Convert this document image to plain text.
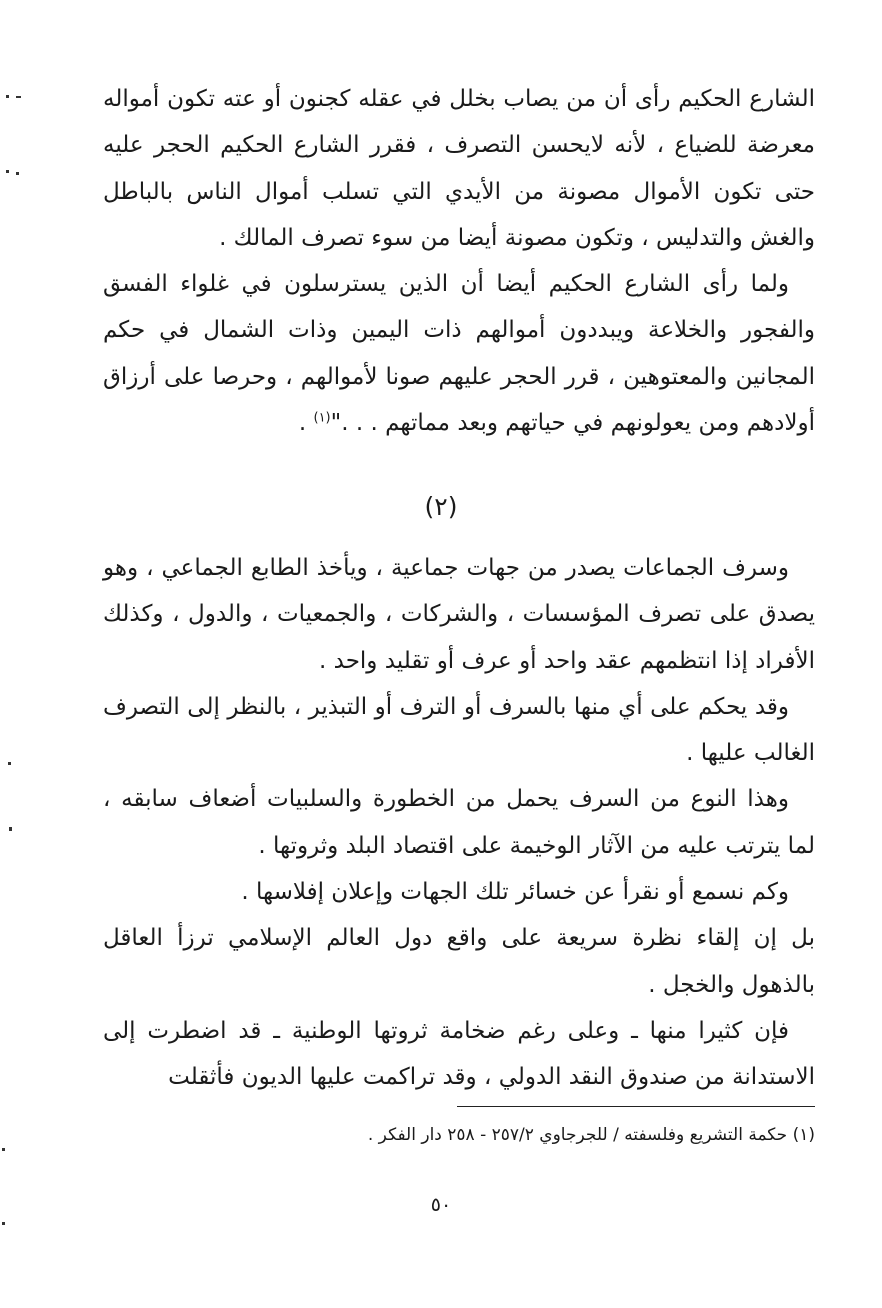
الشارع الحكيم رأى أن من يصاب بخلل في عقله كجنون أو عته تكون أمواله معرضة للضياع ، لأنه لايحسن التصرف ، فقرر الشارع الحكيم الحجر عليه حتى تكون الأموال مصونة من الأيدي التي تسلب أموال الناس بالباطل والغش والتدليس ، وتكون مصونة أيضا من سوء تصرف المالك .

ولما رأى الشارع الحكيم أيضا أن الذين يسترسلون في غلواء الفسق والفجور والخلاعة ويبددون أموالهم ذات اليمين وذات الشمال في حكم المجانين والمعتوهين ، قرر الحجر عليهم صونا لأموالهم ، وحرصا على أرزاق أولادهم ومن يعولونهم في حياتهم وبعد مماتهم . . ."$^{(١)}$ .

(٢)

وسرف الجماعات يصدر من جهات جماعية ، ويأخذ الطابع الجماعي ، وهو يصدق على تصرف المؤسسات ، والشركات ، والجمعيات ، والدول ، وكذلك الأفراد إذا انتظمهم عقد واحد أو عرف أو تقليد واحد .

وقد يحكم على أي منها بالسرف أو الترف أو التبذير ، بالنظر إلى التصرف الغالب عليها .

وهذا النوع من السرف يحمل من الخطورة والسلبيات أضعاف سابقه ، لما يترتب عليه من الآثار الوخيمة على اقتصاد البلد وثروتها .

وكم نسمع أو نقرأ عن خسائر تلك الجهات وإعلان إفلاسها .

بل إن إلقاء نظرة سريعة على واقع دول العالم الإسلامي ترزأ العاقل بالذهول والخجل .

فإن كثيرا منها ـ وعلى رغم ضخامة ثروتها الوطنية ـ قد اضطرت إلى الاستدانة من صندوق النقد الدولي ، وقد تراكمت عليها الديون فأثقلت

(١) حكمة التشريع وفلسفته / للجرجاوي ٢٥٧/٢ - ٢٥٨ دار الفكر .
٥٠
